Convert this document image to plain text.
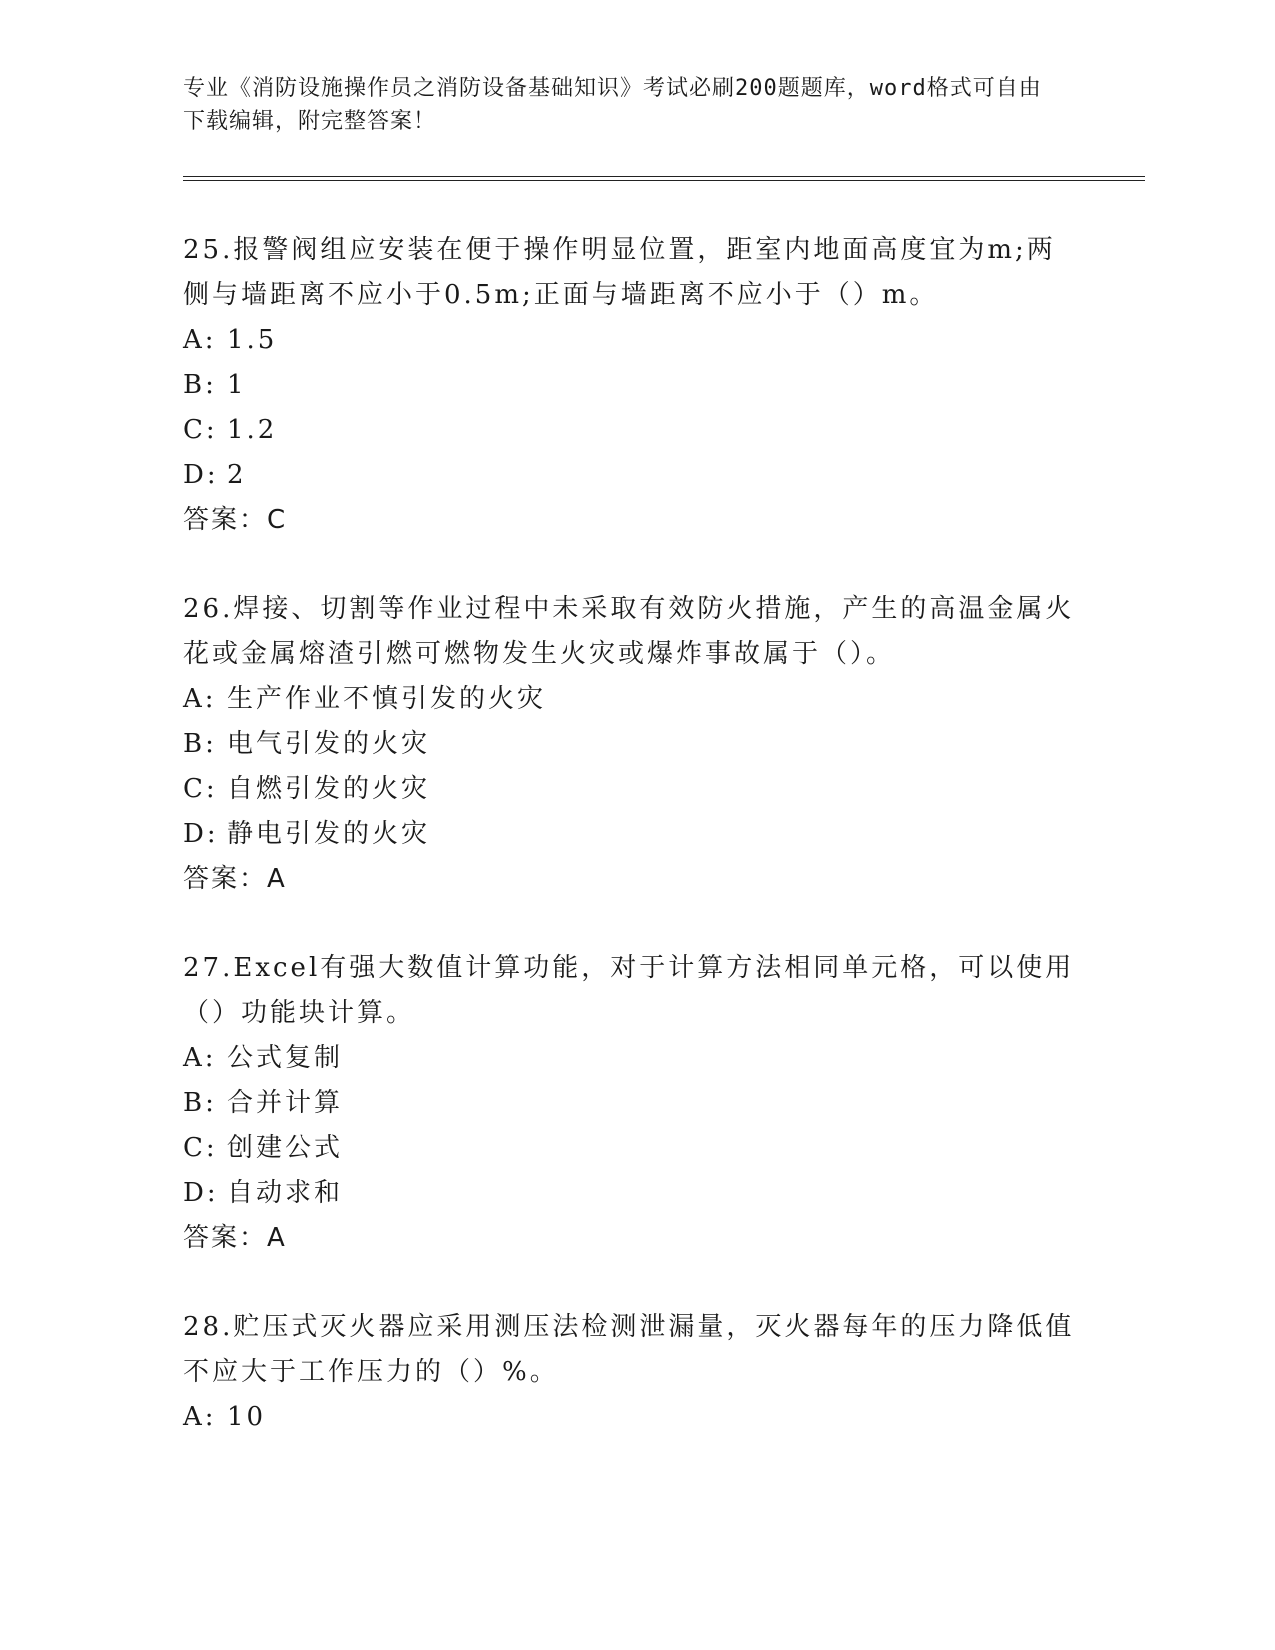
专业《消防设施操作员之消防设备基础知识》考试必刷200题题库，word格式可自由下载编辑，附完整答案！

25.报警阀组应安装在便于操作明显位置，距室内地面高度宜为m;两侧与墙距离不应小于0.5m;正面与墙距离不应小于（）m。

A: 1.5

B: 1

C: 1.2

D: 2

答案：C

26.焊接、切割等作业过程中未采取有效防火措施，产生的高温金属火花或金属熔渣引燃可燃物发生火灾或爆炸事故属于（）。

A: 生产作业不慎引发的火灾

B: 电气引发的火灾

C: 自燃引发的火灾

D: 静电引发的火灾

答案：A

27.Excel有强大数值计算功能，对于计算方法相同单元格，可以使用（）功能块计算。

A: 公式复制

B: 合并计算

C: 创建公式

D: 自动求和

答案：A

28.贮压式灭火器应采用测压法检测泄漏量，灭火器每年的压力降低值不应大于工作压力的（）%。

A: 10
